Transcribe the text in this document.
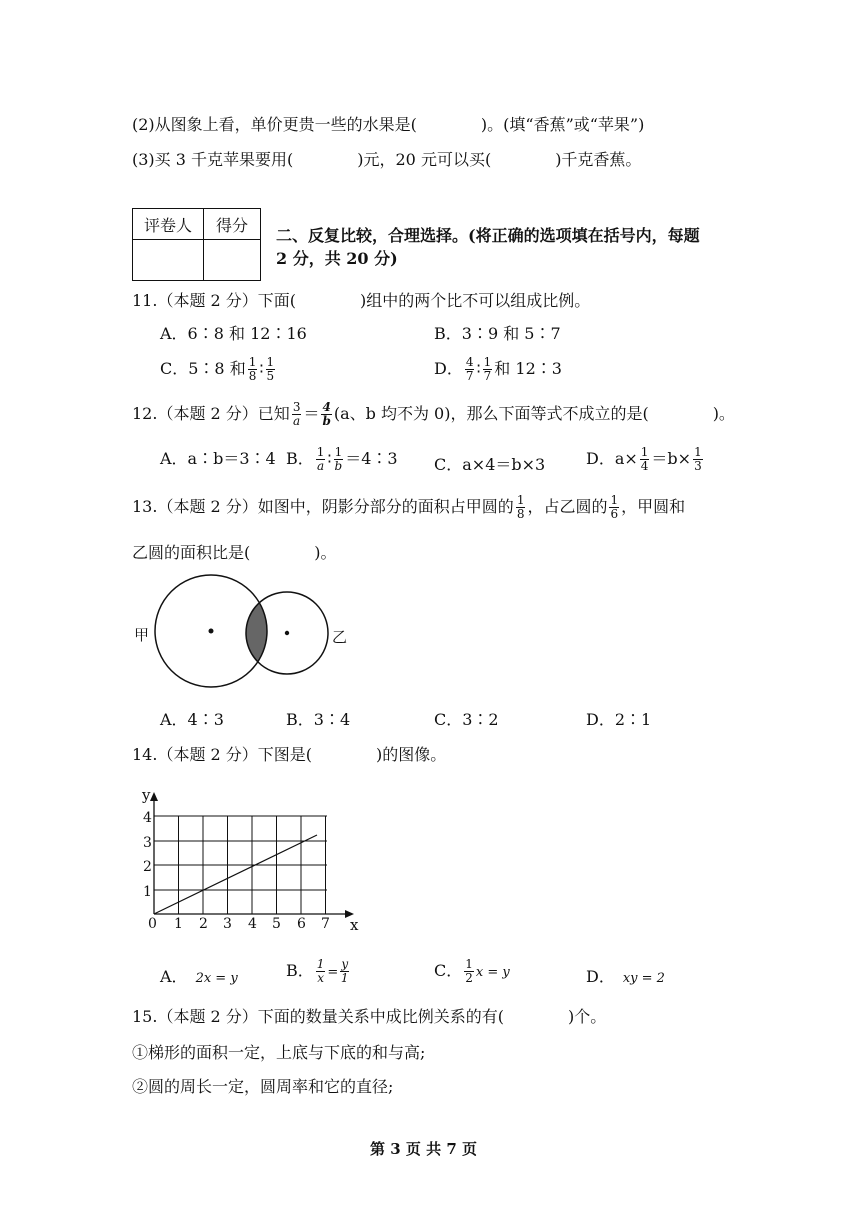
(2)从图象上看，单价更贵一些的水果是(　　　　)。(填“香蕉”或“苹果”)
(3)买 3 千克苹果要用(　　　　)元，20 元可以买(　　　　)千克香蕉。
评卷人	得分

二、反复比较，合理选择。(将正确的选项填在括号内，每题
2 分，共 20 分)
11.（本题 2 分）下面(　　　　)组中的两个比不可以组成比例。
A．6∶8 和 12∶16	B．3∶9 和 5∶7
C．5∶8 和 $\frac{1}{8}$ ∶ $\frac{1}{5}$	D． $\frac{4}{7}$ ∶ $\frac{1}{7}$ 和 12∶3
12.（本题 2 分）已知 $\frac{3}{a} = \frac{4}{b} (a$、b 均不为 0)，那么下面等式不成立的是(　　　　)。
A．a∶b＝3∶4 B． $\frac{1}{a}$ ∶ $\frac{1}{b}$ ＝4∶3 C．a×4＝b×3	D．$a\times \frac{1}{4} =b\times \frac{1}{3}$
13.（本题 2 分）如图中，阴影分部分的面积占甲圆的 $\frac{1}{8}$ ，占乙圆的 $\frac{1}{6}$ ，甲圆和
乙圆的面积比是(　　　　)。
甲	乙
A．4∶3	B．3∶4	C．3∶2	D．2∶1
14.（本题 2 分）下图是(　　　　)的图像。
y
x
0 1 2 3 4 5 6 7
1
2
3
4
A． 2x = y	B． $\frac{1}{x} = \frac{y}{1}$	C． $\frac{1}{2}$ x = y	D． xy = 2
15.（本题 2 分）下面的数量关系中成比例关系的有(　　　　)个。
①梯形的面积一定，上底与下底的和与高;
②圆的周长一定，圆周率和它的直径;
第 3 页 共 7 页
